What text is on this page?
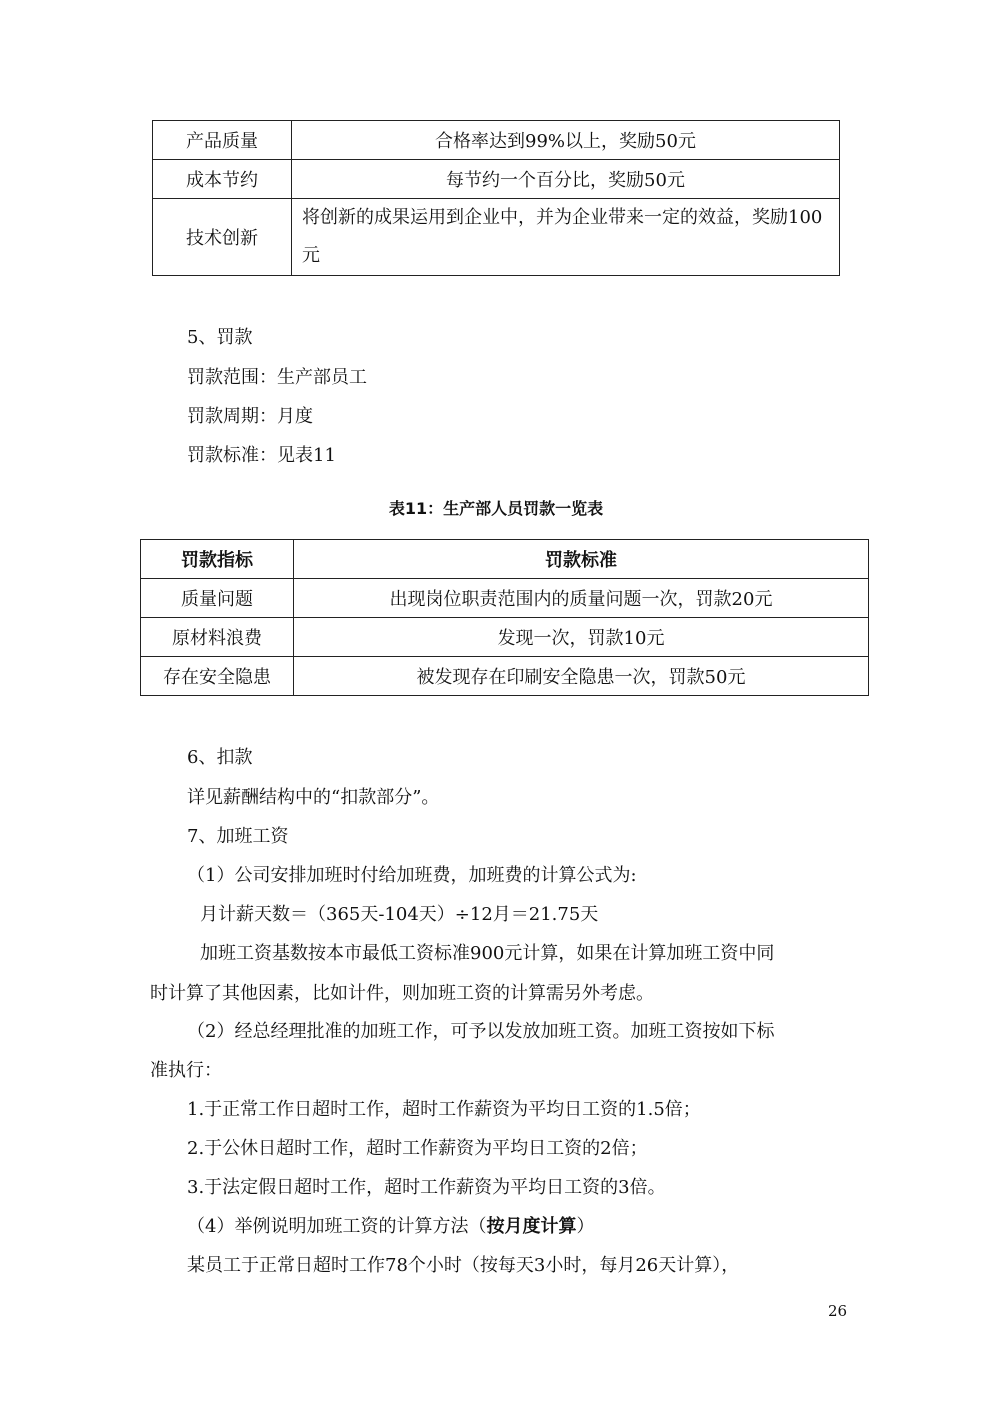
产品质量	合格率达到99%以上，奖励50元
成本节约	每节约一个百分比，奖励50元
技术创新	将创新的成果运用到企业中，并为企业带来一定的效益，奖励100元
5、罚款
罚款范围：生产部员工
罚款周期：月度
罚款标准：见表11
表11：生产部人员罚款一览表
罚款指标	罚款标准
质量问题	出现岗位职责范围内的质量问题一次，罚款20元
原材料浪费	发现一次，罚款10元
存在安全隐患	被发现存在印刷安全隐患一次，罚款50元
6、扣款
详见薪酬结构中的“扣款部分”。
7、加班工资
（1）公司安排加班时付给加班费，加班费的计算公式为:
月计薪天数＝（365天-104天）÷12月＝21.75天
加班工资基数按本市最低工资标准900元计算，如果在计算加班工资中同
时计算了其他因素，比如计件，则加班工资的计算需另外考虑。
（2）经总经理批准的加班工作，可予以发放加班工资。加班工资按如下标
准执行：
1.于正常工作日超时工作，超时工作薪资为平均日工资的1.5倍；
2.于公休日超时工作，超时工作薪资为平均日工资的2倍；
3.于法定假日超时工作，超时工作薪资为平均日工资的3倍。
（4）举例说明加班工资的计算方法（按月度计算）
某员工于正常日超时工作78个小时（按每天3小时，每月26天计算），
26
